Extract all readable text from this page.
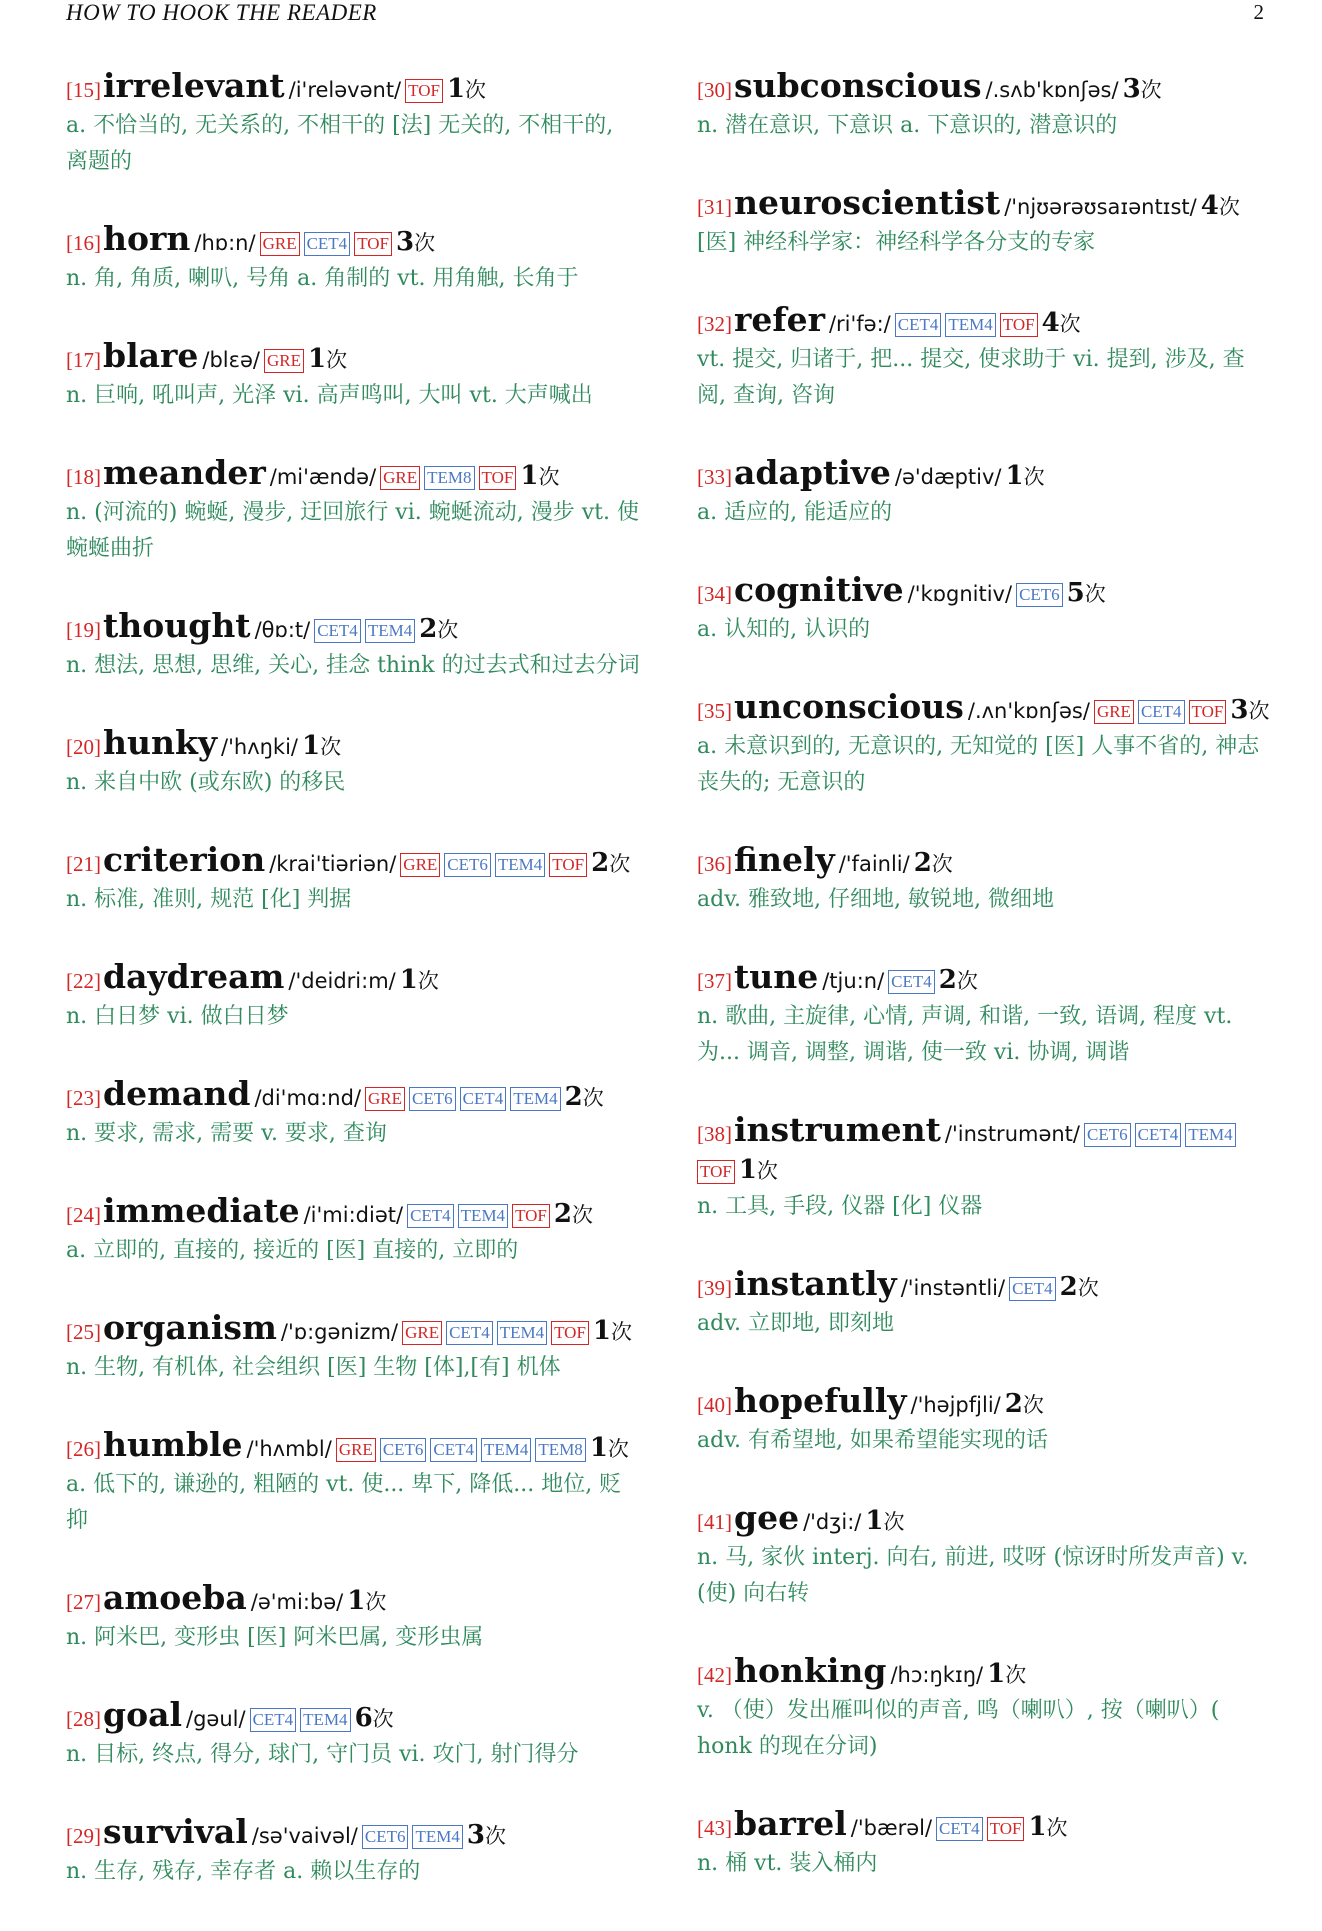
HOW TO HOOK THE READER	2
[15]irrelevant /i'relәvәnt/ TOF 1次
a. 不恰当的, 无关系的, 不相干的 [法] 无关的, 不相干的, 离题的
[16]horn /hɒ:n/ GRE CET4 TOF 3次
n. 角, 角质, 喇叭, 号角 a. 角制的 vt. 用角触, 长角于
[17]blare /blɛә/ GRE 1次
n. 巨响, 吼叫声, 光泽 vi. 高声鸣叫, 大叫 vt. 大声喊出
[18]meander /mi'ændә/ GRE TEM8 TOF 1次
n. (河流的) 蜿蜒, 漫步, 迂回旅行 vi. 蜿蜒流动, 漫步 vt. 使蜿蜒曲折
[19]thought /θɒ:t/ CET4 TEM4 2次
n. 想法, 思想, 思维, 关心, 挂念 think 的过去式和过去分词
[20]hunky /'hʌŋki/ 1次
n. 来自中欧 (或东欧) 的移民
[21]criterion /krai'tiәriәn/ GRE CET6 TEM4 TOF 2次
n. 标准, 准则, 规范 [化] 判据
[22]daydream /'deidri:m/ 1次
n. 白日梦 vi. 做白日梦
[23]demand /di'mɑ:nd/ GRE CET6 CET4 TEM4 2次
n. 要求, 需求, 需要 v. 要求, 查询
[24]immediate /i'mi:diәt/ CET4 TEM4 TOF 2次
a. 立即的, 直接的, 接近的 [医] 直接的, 立即的
[25]organism /'ɒ:gәnizm/ GRE CET4 TEM4 TOF 1次
n. 生物, 有机体, 社会组织 [医] 生物 [体],[有] 机体
[26]humble /'hʌmbl/ GRE CET6 CET4 TEM4 TEM8 1次
a. 低下的, 谦逊的, 粗陋的 vt. 使... 卑下, 降低... 地位, 贬抑
[27]amoeba /ә'mi:bә/ 1次
n. 阿米巴, 变形虫 [医] 阿米巴属, 变形虫属
[28]goal /gәul/ CET4 TEM4 6次
n. 目标, 终点, 得分, 球门, 守门员 vi. 攻门, 射门得分
[29]survival /sә'vaivәl/ CET6 TEM4 3次
n. 生存, 残存, 幸存者 a. 赖以生存的
[30]subconscious /.sʌb'kɒnʃәs/ 3次
n. 潜在意识, 下意识 a. 下意识的, 潜意识的
[31]neuroscientist /'njʊәrәʊsaɪәntɪst/ 4次
[医] 神经科学家：神经科学各分支的专家
[32]refer /ri'fә:/ CET4 TEM4 TOF 4次
vt. 提交, 归诸于, 把... 提交, 使求助于 vi. 提到, 涉及, 查阅, 查询, 咨询
[33]adaptive /ә'dæptiv/ 1次
a. 适应的, 能适应的
[34]cognitive /'kɒgnitiv/ CET6 5次
a. 认知的, 认识的
[35]unconscious /.ʌn'kɒnʃәs/ GRE CET4 TOF 3次
a. 未意识到的, 无意识的, 无知觉的 [医] 人事不省的, 神志丧失的; 无意识的
[36]finely /'fainli/ 2次
adv. 雅致地, 仔细地, 敏锐地, 微细地
[37]tune /tju:n/ CET4 2次
n. 歌曲, 主旋律, 心情, 声调, 和谐, 一致, 语调, 程度 vt. 为... 调音, 调整, 调谐, 使一致 vi. 协调, 调谐
[38]instrument /'instrumәnt/ CET6 CET4 TEM4TOF 1次
n. 工具, 手段, 仪器 [化] 仪器
[39]instantly /'instәntli/ CET4 2次
adv. 立即地, 即刻地
[40]hopefully /'hәjpfјli/ 2次
adv. 有希望地, 如果希望能实现的话
[41]gee /'dʒi:/ 1次
n. 马, 家伙 interj. 向右, 前进, 哎呀 (惊讶时所发声音) v. (使) 向右转
[42]honking /hɔ:ŋkɪŋ/ 1次
v. （使）发出雁叫似的声音, 鸣（喇叭）, 按（喇叭）( honk 的现在分词)
[43]barrel /'bærәl/ CET4 TOF 1次
n. 桶 vt. 装入桶内
